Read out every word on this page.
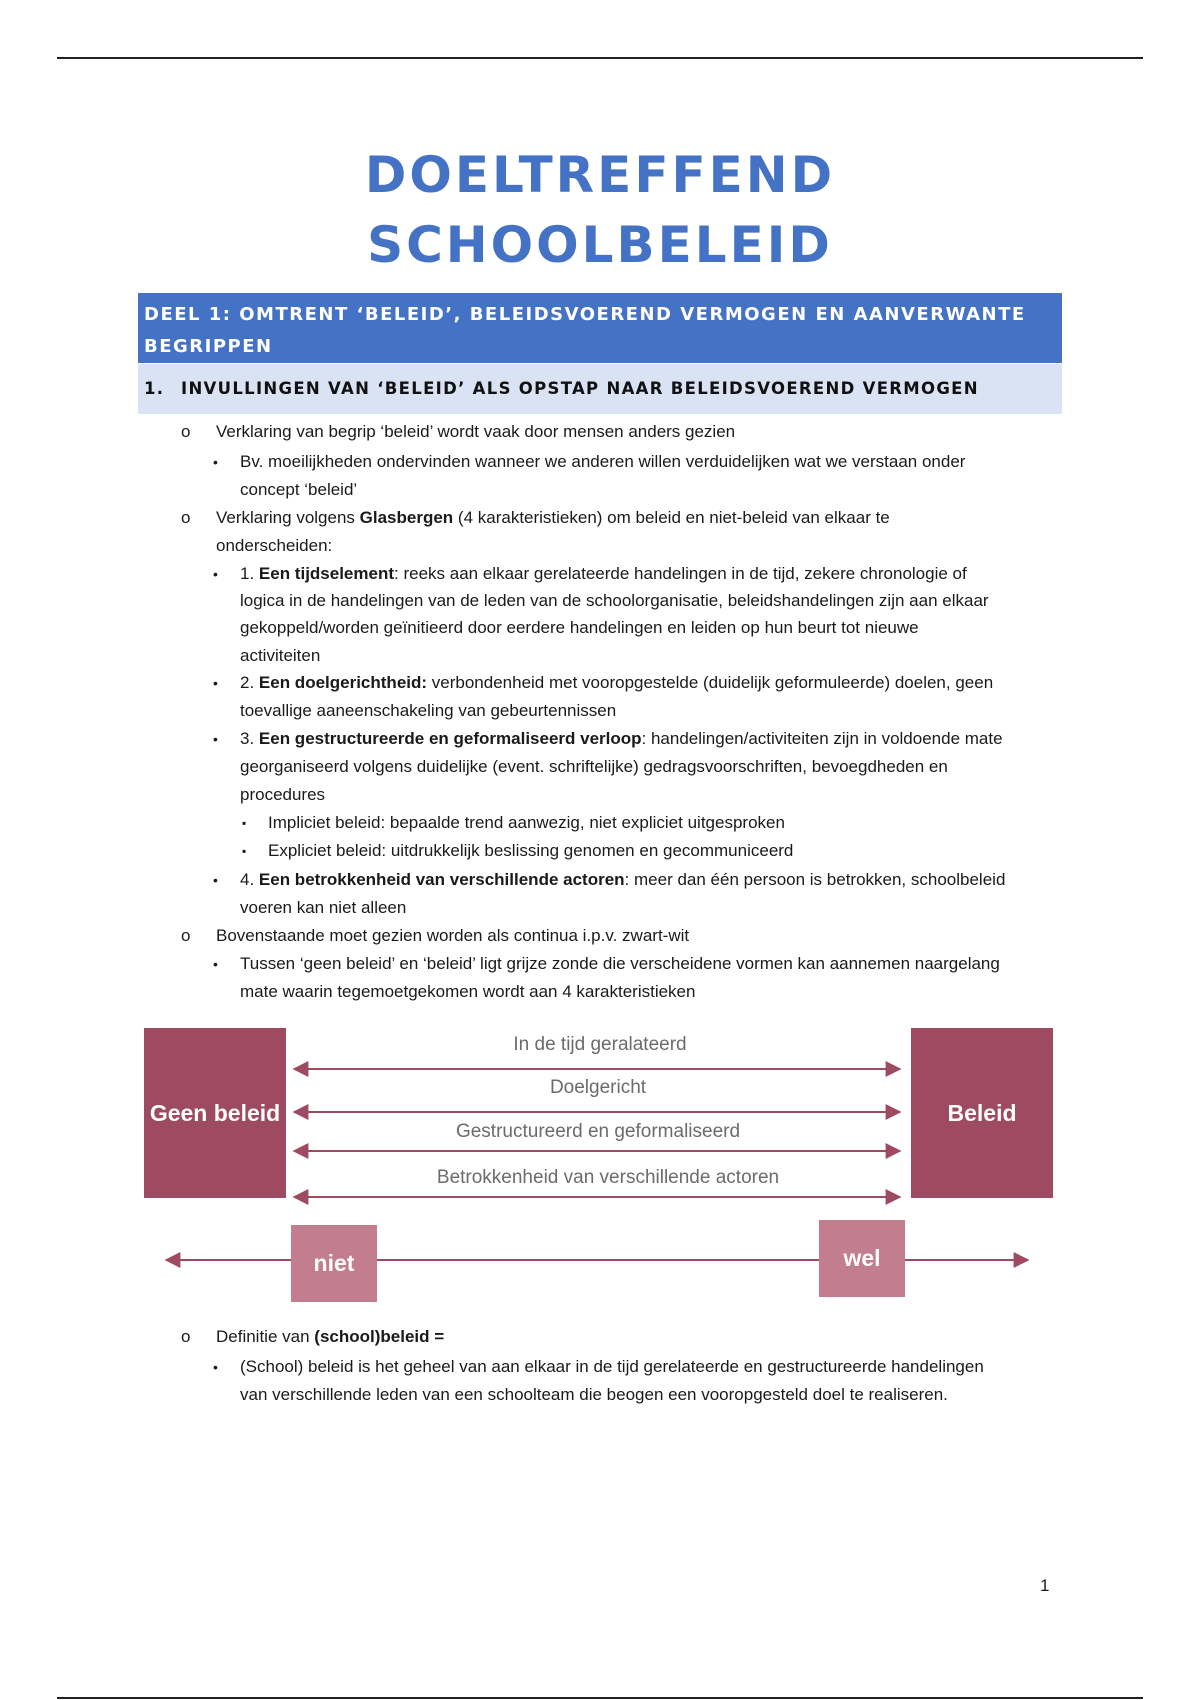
DOELTREFFEND
SCHOOLBELEID
DEEL 1: OMTRENT ‘BELEID’, BELEIDSVOEREND VERMOGEN EN AANVERWANTE BEGRIPPEN
1.	INVULLINGEN VAN ‘BELEID’ ALS OPSTAP NAAR BELEIDSVOEREND VERMOGEN
o Verklaring van begrip ‘beleid’ wordt vaak door mensen anders gezien
• Bv. moeilijkheden ondervinden wanneer we anderen willen verduidelijken wat we verstaan onder
concept ‘beleid’
o Verklaring volgens Glasbergen (4 karakteristieken) om beleid en niet-beleid van elkaar te
onderscheiden:
• 1. Een tijdselement: reeks aan elkaar gerelateerde handelingen in de tijd, zekere chronologie of
logica in de handelingen van de leden van de schoolorganisatie, beleidshandelingen zijn aan elkaar
gekoppeld/worden geïnitieerd door eerdere handelingen en leiden op hun beurt tot nieuwe
activiteiten
• 2. Een doelgerichtheid: verbondenheid met vooropgestelde (duidelijk geformuleerde) doelen, geen
toevallige aaneenschakeling van gebeurtennissen
• 3. Een gestructureerde en geformaliseerd verloop: handelingen/activiteiten zijn in voldoende mate
georganiseerd volgens duidelijke (event. schriftelijke) gedragsvoorschriften, bevoegdheden en
procedures
▪ Impliciet beleid: bepaalde trend aanwezig, niet expliciet uitgesproken
▪ Expliciet beleid: uitdrukkelijk beslissing genomen en gecommuniceerd
• 4. Een betrokkenheid van verschillende actoren: meer dan één persoon is betrokken, schoolbeleid
voeren kan niet alleen
o Bovenstaande moet gezien worden als continua i.p.v. zwart-wit
• Tussen ‘geen beleid’ en ‘beleid’ ligt grijze zonde die verscheidene vormen kan aannemen naargelang
mate waarin tegemoetgekomen wordt aan 4 karakteristieken
Geen beleid	Beleid
In de tijd geralateerd
Doelgericht
Gestructureerd en geformaliseerd
Betrokkenheid van verschillende actoren
niet	wel
o Definitie van (school)beleid =
• (School) beleid is het geheel van aan elkaar in de tijd gerelateerde en gestructureerde handelingen
van verschillende leden van een schoolteam die beogen een vooropgesteld doel te realiseren.
1
